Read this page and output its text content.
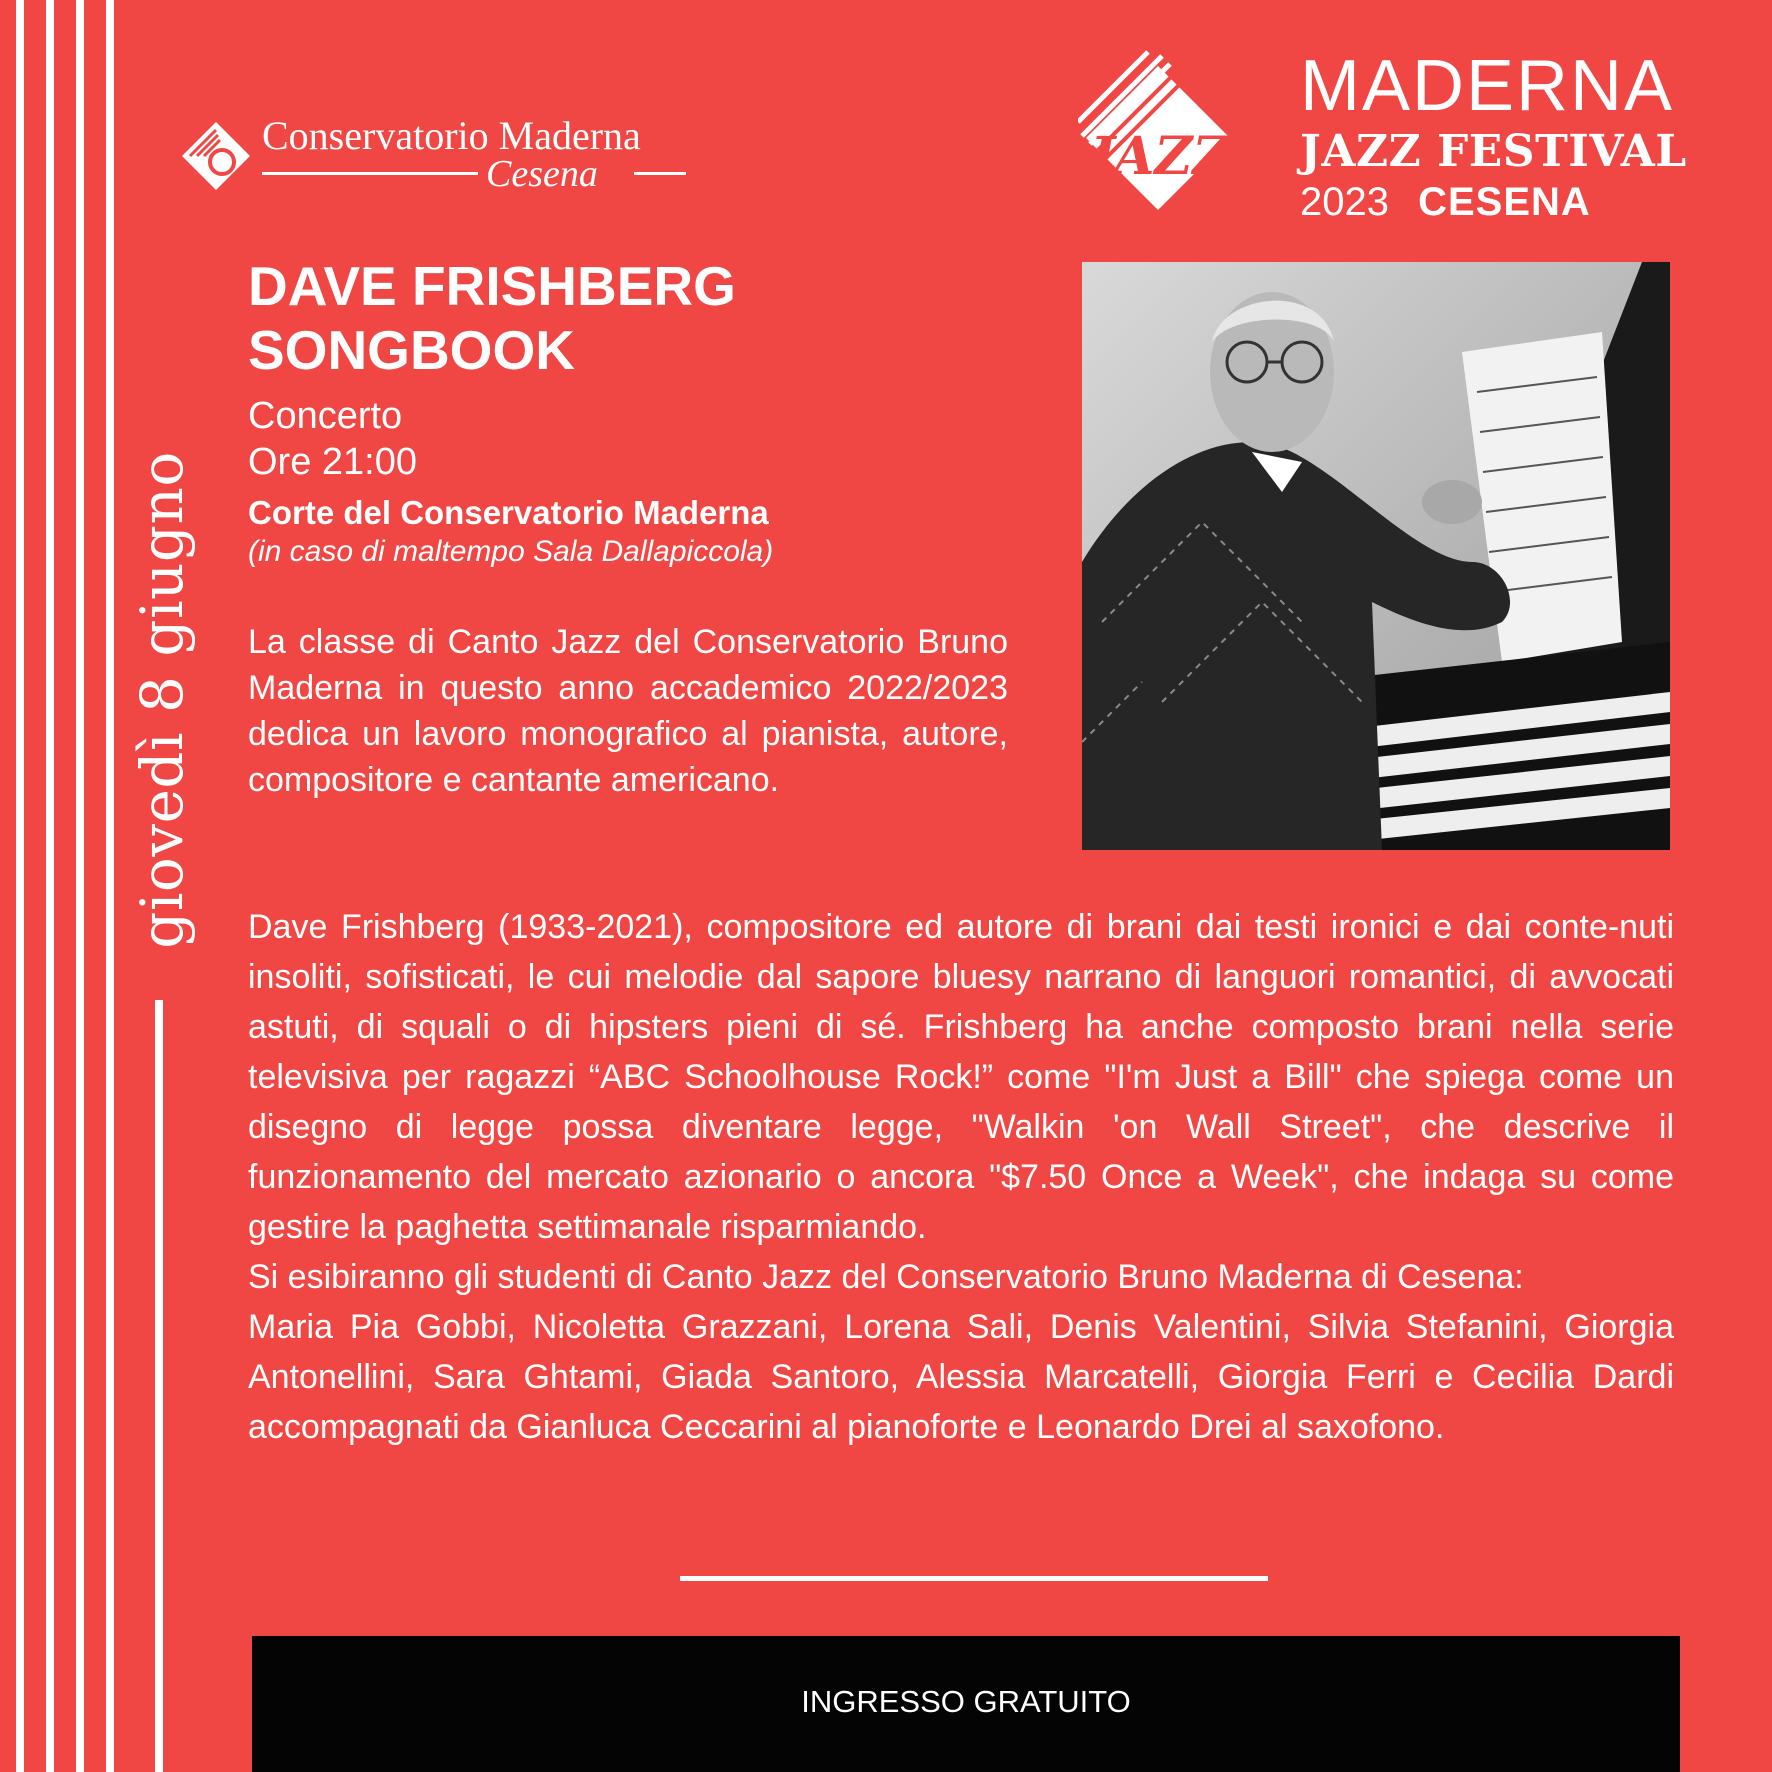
giovedì 8 giugno
Conservatorio Maderna
Cesena	JAZZ
MADERNA
JAZZ FESTIVAL
2023 CESENA
DAVE FRISHBERG SONGBOOK
Concerto
Ore 21:00
Corte del Conservatorio Maderna
(in caso di maltempo Sala Dallapiccola)
La classe di Canto Jazz del Conservatorio Bruno Maderna in questo anno accademico 2022/2023 dedica un lavoro monografico al pianista, autore, compositore e cantante americano.

Dave Frishberg (1933-2021), compositore ed autore di brani dai testi ironici e dai conte-nuti insoliti, sofisticati, le cui melodie dal sapore bluesy narrano di languori romantici, di avvocati astuti, di squali o di hipsters pieni di sé. Frishberg ha anche composto brani nella serie televisiva per ragazzi “ABC Schoolhouse Rock!” come "I'm Just a Bill" che spiega come un disegno di legge possa diventare legge, "Walkin 'on Wall Street", che descrive il funzionamento del mercato azionario o ancora "$7.50 Once a Week", che indaga su come gestire la paghetta settimanale risparmiando.

Si esibiranno gli studenti di Canto Jazz del Conservatorio Bruno Maderna di Cesena:

Maria Pia Gobbi, Nicoletta Grazzani, Lorena Sali, Denis Valentini, Silvia Stefanini, Giorgia Antonellini, Sara Ghtami, Giada Santoro, Alessia Marcatelli, Giorgia Ferri e Cecilia Dardi accompagnati da Gianluca Ceccarini al pianoforte e Leonardo Drei al saxofono.

INGRESSO GRATUITO
